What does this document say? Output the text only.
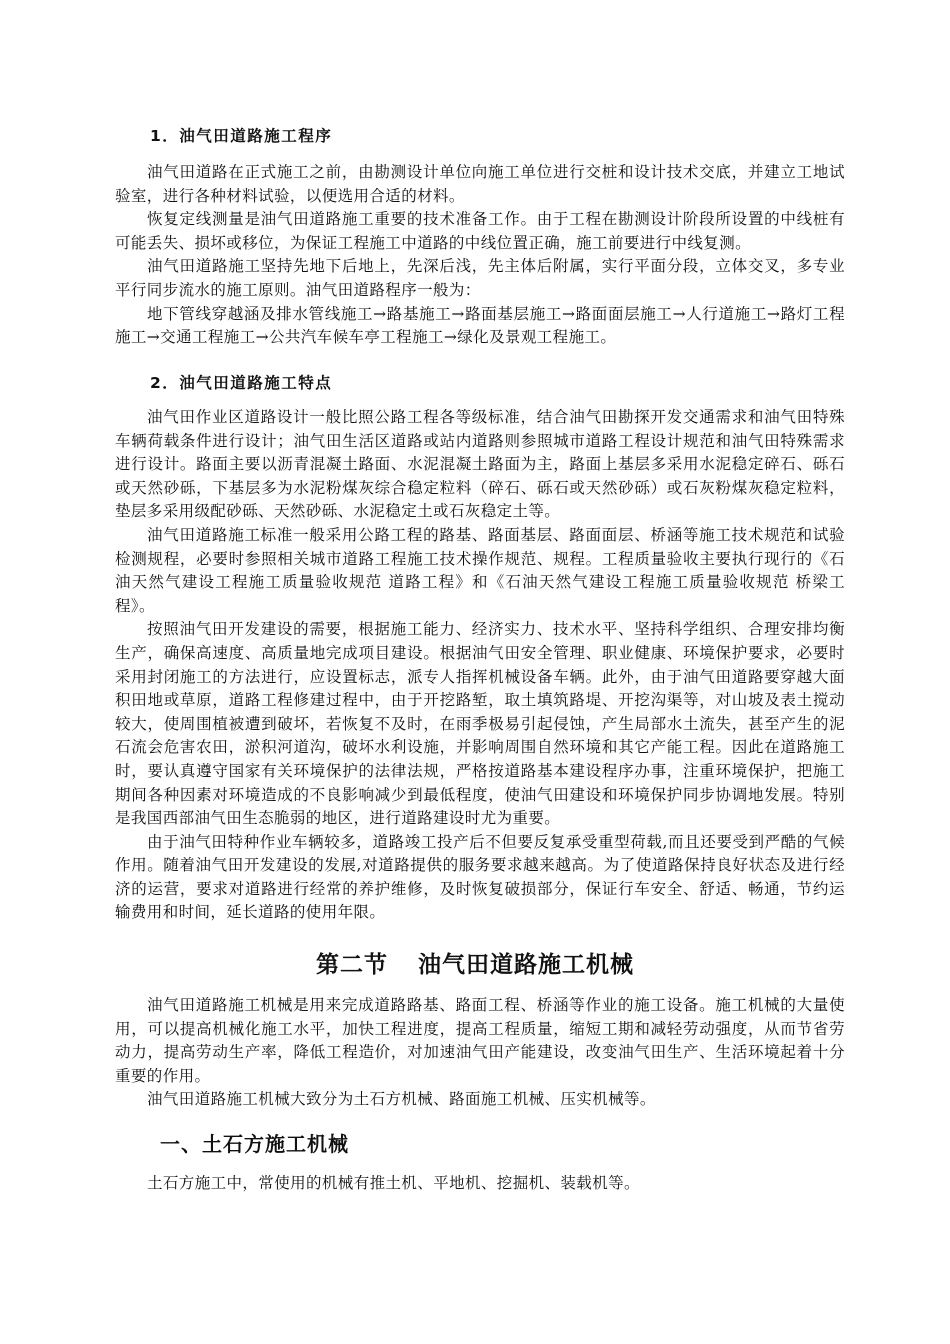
1．油气田道路施工程序

油气田道路在正式施工之前，由勘测设计单位向施工单位进行交桩和设计技术交底，并建立工地试验室，进行各种材料试验，以便选用合适的材料。

恢复定线测量是油气田道路施工重要的技术准备工作。由于工程在勘测设计阶段所设置的中线桩有可能丢失、损坏或移位，为保证工程施工中道路的中线位置正确，施工前要进行中线复测。

油气田道路施工坚持先地下后地上，先深后浅，先主体后附属，实行平面分段，立体交叉，多专业平行同步流水的施工原则。油气田道路程序一般为：

地下管线穿越涵及排水管线施工→路基施工→路面基层施工→路面面层施工→人行道施工→路灯工程施工→交通工程施工→公共汽车候车亭工程施工→绿化及景观工程施工。

2．油气田道路施工特点

油气田作业区道路设计一般比照公路工程各等级标准，结合油气田勘探开发交通需求和油气田特殊车辆荷载条件进行设计；油气田生活区道路或站内道路则参照城市道路工程设计规范和油气田特殊需求进行设计。路面主要以沥青混凝土路面、水泥混凝土路面为主，路面上基层多采用水泥稳定碎石、砾石或天然砂砾，下基层多为水泥粉煤灰综合稳定粒料（碎石、砾石或天然砂砾）或石灰粉煤灰稳定粒料，垫层多采用级配砂砾、天然砂砾、水泥稳定土或石灰稳定土等。

油气田道路施工标准一般采用公路工程的路基、路面基层、路面面层、桥涵等施工技术规范和试验检测规程，必要时参照相关城市道路工程施工技术操作规范、规程。工程质量验收主要执行现行的《石油天然气建设工程施工质量验收规范 道路工程》和《石油天然气建设工程施工质量验收规范 桥梁工程》。

按照油气田开发建设的需要，根据施工能力、经济实力、技术水平、坚持科学组织、合理安排均衡生产，确保高速度、高质量地完成项目建设。根据油气田安全管理、职业健康、环境保护要求，必要时采用封闭施工的方法进行，应设置标志，派专人指挥机械设备车辆。此外，由于油气田道路要穿越大面积田地或草原，道路工程修建过程中，由于开挖路堑，取土填筑路堤、开挖沟渠等，对山坡及表土搅动较大，使周围植被遭到破坏，若恢复不及时，在雨季极易引起侵蚀，产生局部水土流失，甚至产生的泥石流会危害农田，淤积河道沟，破坏水利设施，并影响周围自然环境和其它产能工程。因此在道路施工时，要认真遵守国家有关环境保护的法律法规，严格按道路基本建设程序办事，注重环境保护，把施工期间各种因素对环境造成的不良影响减少到最低程度，使油气田建设和环境保护同步协调地发展。特别是我国西部油气田生态脆弱的地区，进行道路建设时尤为重要。

由于油气田特种作业车辆较多，道路竣工投产后不但要反复承受重型荷载,而且还要受到严酷的气候作用。随着油气田开发建设的发展,对道路提供的服务要求越来越高。为了使道路保持良好状态及进行经济的运营，要求对道路进行经常的养护维修，及时恢复破损部分，保证行车安全、舒适、畅通，节约运输费用和时间，延长道路的使用年限。

第二节 油气田道路施工机械

油气田道路施工机械是用来完成道路路基、路面工程、桥涵等作业的施工设备。施工机械的大量使用，可以提高机械化施工水平，加快工程进度，提高工程质量，缩短工期和减轻劳动强度，从而节省劳动力，提高劳动生产率，降低工程造价，对加速油气田产能建设，改变油气田生产、生活环境起着十分重要的作用。

油气田道路施工机械大致分为土石方机械、路面施工机械、压实机械等。

一、土石方施工机械

土石方施工中，常使用的机械有推土机、平地机、挖掘机、装载机等。
